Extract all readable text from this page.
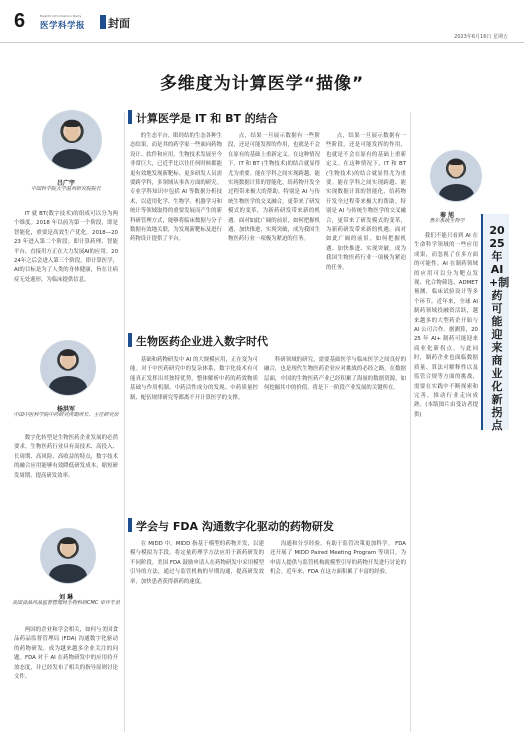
6	Health Information Daily
医学科学报	封面
2023年6月16日 星期五
多维度为计算医学“描像”
计算医学是 IT 和 BT 的结合
吕广宇
中国科学院大学温州研究院院长
IT 就 BT(数字技术)的组成可以分为两个维度。2018 年以前为第一个阶段，即是智能化，重要是高效生产优化。2018—2023 年进入第二个阶段。即计算药理、智能平台、直接用方正在大力发展AI的应用。2024年之后会进入第三个阶段，即计算医学，AI的目标是为了人类的身体健康，旨在让病症无处遁形，为临床提供信息。
的生态平台，眼经结的生态各种生态结果，而是其的药学家一些面向药物设计、软件和应用。生物技术发展至今非常巨大，已近乎比以往任何时候都能更有效地发现新靶标。更多研发人员需要跨学科，多领域从事各方面的研究。专业学科知识中包括 AI 等数据分析技术，以适用化学、生物学。机器学习和统计等领域取得的重要发展而产生的新科研管理方式，能够将临床数据与分子数据有效地关联，为发现新靶标及进行药物设计提供了平台。
点，结果一旦展示数据有一些阶段，还是可能发挥的作用，也就是不会在原有的基础上重新定义。在这种情况下，IT 和 BT (生物技术)的结合就显得尤为重要。能在学科之间实现跨越、能实现数据计算的智能化，给药物开发全过程带来极大的帮助。特别是 AI 与传统生物医学的交叉融合，更带来了研发模式的变革，为新药研发带来新的机遇。面对如此广阔的前景，如何把握机遇、加快推进、实现突破，成为我国生物医药行业一项极为紧迫的任务。
点，结果一旦展示数据有一些阶段，还是可能发挥的作用，也就是不会在原有的基础上重新定义。在这种情况下，IT 和 BT (生物技术)的结合就显得尤为重要。能在学科之间实现跨越、能实现数据计算的智能化，给药物开发全过程带来极大的帮助。特别是 AI 与传统生物医学的交叉融合，更带来了研发模式的变革，为新药研发带来新的机遇。面对如此广阔的前景，如何把握机遇、加快推进、实现突破，成为我国生物医药行业一项极为紧迫的任务。
秦 旭
鲁尔系统生物学
我们不能只看到 AI 在生命科学领域的一些应用成果，而忽视了在多方面的可能性。AI 在制药领域的应用可以分为靶点发现、化合物筛选、ADMET 预测、临床试验设计等多个环节。近年来，全球 AI 制药领域投融资活跃，越来越多的大型药企开始与 AI 公司合作。据测算，2025 年 AI+ 制药可能迎来商业化新拐点。与此同时，制药企业也面临数据质量、算法可解释性以及监管合规等方面的挑战，需要在实践中不断探索和完善，推动行业走向成熟。(本版图片由受访者提供)
2025年AI+制药可能迎来商业化新拐点
生物医药企业进入数字时代
杨洪军
中国中医科学院中药研究所副所长、主任研究员
数字化转型是生物医药企业发展的必然要求。生物医药行业具有高技术、高投入、长周期、高风险、高收益的特点，数字技术的融合应用能够有效降低研发成本、缩短研发周期、提高研发效率。
基础和药物研发中 AI 的大规模应用，正在变为可能。对于中医药研究中的复杂体系，数字化技术有可能真正发挥出其独特优势，整体解析中药的药效物质基础与作用机制。中药活性成分的发现、中药质量控制、配伍规律研究等都离不开计算医学的支撑。
科研领域的研究，需要基础医学与临床医学之间良好的融合，也是现代生物医药企业应对挑战的必经之路。在数据层面，中国的生物医药产业已经积累了海量的数据资源，如何挖掘其中的价值，将是下一阶段产业发展的关键所在。
学会与 FDA 沟通数字化驱动的药物研发
刘 琳
美国食品药品监督管理局生物科研CMC 审评专员
两国的企业和学会相关，如何与美国食品药品监督管理局 (FDA) 沟通数字化驱动的药物研发，成为越来越多企业关注的问题。FDA 对于 AI 在药物研发中的应用持开放态度，并已经发布了相关的指导原则讨论文件。
在 MIDD 中，MIDD 指基于模型的药物开发，以建模与模拟为手段，将定量药理学方法应用于新药研发的不同阶段。美国 FDA 鼓励申请人在药物研发中采用模型引导的方法，通过与监管机构的早期沟通，提高研发效率，加快患者获得新药的速度。
沟通和分享经验，有助于监管决策更加科学。 FDA 还开展了 MIDD Paired Meeting Program 等项目，为申请人提供与监管机构就模型引导的药物开发进行讨论的机会。近年来，FDA 在这方面积累了丰富的经验。
